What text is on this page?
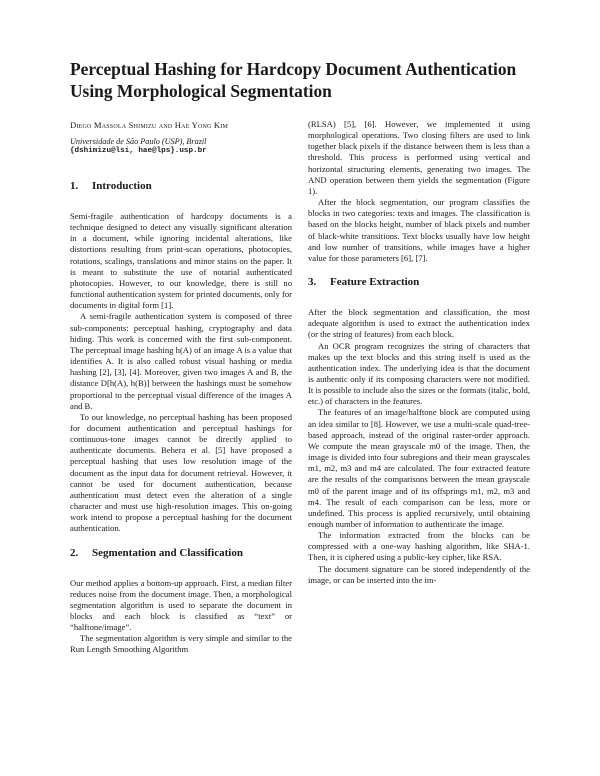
Perceptual Hashing for Hardcopy Document Authentication Using Morphological Segmentation
Diego Massola Shimizu and Hae Yong Kim
Universidade de São Paulo (USP), Brazil
{dshimizu@lsi, hae@lps}.usp.br
1. Introduction

Semi-fragile authentication of hardcopy documents is a technique designed to detect any visually significant alteration in a document, while ignoring incidental alterations, like distortions resulting from print-scan operations, photocopies, rotations, scalings, translations and minor stains on the paper. It is meant to substitute the use of notarial authenticated photocopies. However, to our knowledge, there is still no functional authentication system for printed documents, only for documents in digital form [1].

A semi-fragile authentication system is composed of three sub-components: perceptual hashing, cryptography and data hiding. This work is concerned with the first sub-component. The perceptual image hashing h(A) of an image A is a value that identifies A. It is also called robust visual hashing or media hashing [2], [3], [4]. Moreover, given two images A and B, the distance D[h(A), h(B)] between the hashings must be somehow proportional to the perceptual visual difference of the images A and B.

To our knowledge, no perceptual hashing has been proposed for document authentication and perceptual hashings for continuous-tone images cannot be directly applied to authenticate documents. Behera et al. [5] have proposed a perceptual hashing that uses low resolution image of the document as the input data for document retrieval. However, it cannot be used for document authentication, because authentication must detect even the alteration of a single character and must use high-resolution images. This on-going work intend to propose a perceptual hashing for the document authentication.

2. Segmentation and Classification

Our method applies a bottom-up approach. First, a median filter reduces noise from the document image. Then, a morphological segmentation algorithm is used to separate the document in blocks and each block is classified as “text” or “halftone/image”.

The segmentation algorithm is very simple and similar to the Run Length Smoothing Algorithm

(RLSA) [5], [6]. However, we implemented it using morphological operations. Two closing filters are used to link together black pixels if the distance between them is less than a threshold. This process is performed using vertical and horizontal structuring elements, generating two images. The AND operation between them yields the segmentation (Figure 1).

After the block segmentation, our program classifies the blocks in two categories: texts and images. The classification is based on the blocks height, number of black pixels and number of black-white transitions. Text blocks usually have low height and low number of transitions, while images have a higher value for those parameters [6], [7].

3. Feature Extraction

After the block segmentation and classification, the most adequate algorithm is used to extract the authentication index (or the string of features) from each block.

An OCR program recognizes the string of characters that makes up the text blocks and this string itself is used as the authentication index. The underlying idea is that the document is authentic only if its composing characters were not modified. It is possible to include also the sizes or the formats (italic, bold, etc.) of characters in the features.

The features of an image/halftone block are computed using an idea similar to [8]. However, we use a multi-scale quad-tree-based approach, instead of the original raster-order approach. We compute the mean grayscale m0 of the image. Then, the image is divided into four subregions and their mean grayscales m1, m2, m3 and m4 are calculated. The four extracted feature are the results of the comparisons between the mean grayscale m0 of the parent image and of its offsprings m1, m2, m3 and m4. The result of each comparison can be less, more or undefined. This process is applied recursively, until obtaining enough number of information to authenticate the image.

The information extracted from the blocks can be compressed with a one-way hashing algorithm, like SHA-1. Then, it is ciphered using a public-key cipher, like RSA.

The document signature can be stored independently of the image, or can be inserted into the im-
